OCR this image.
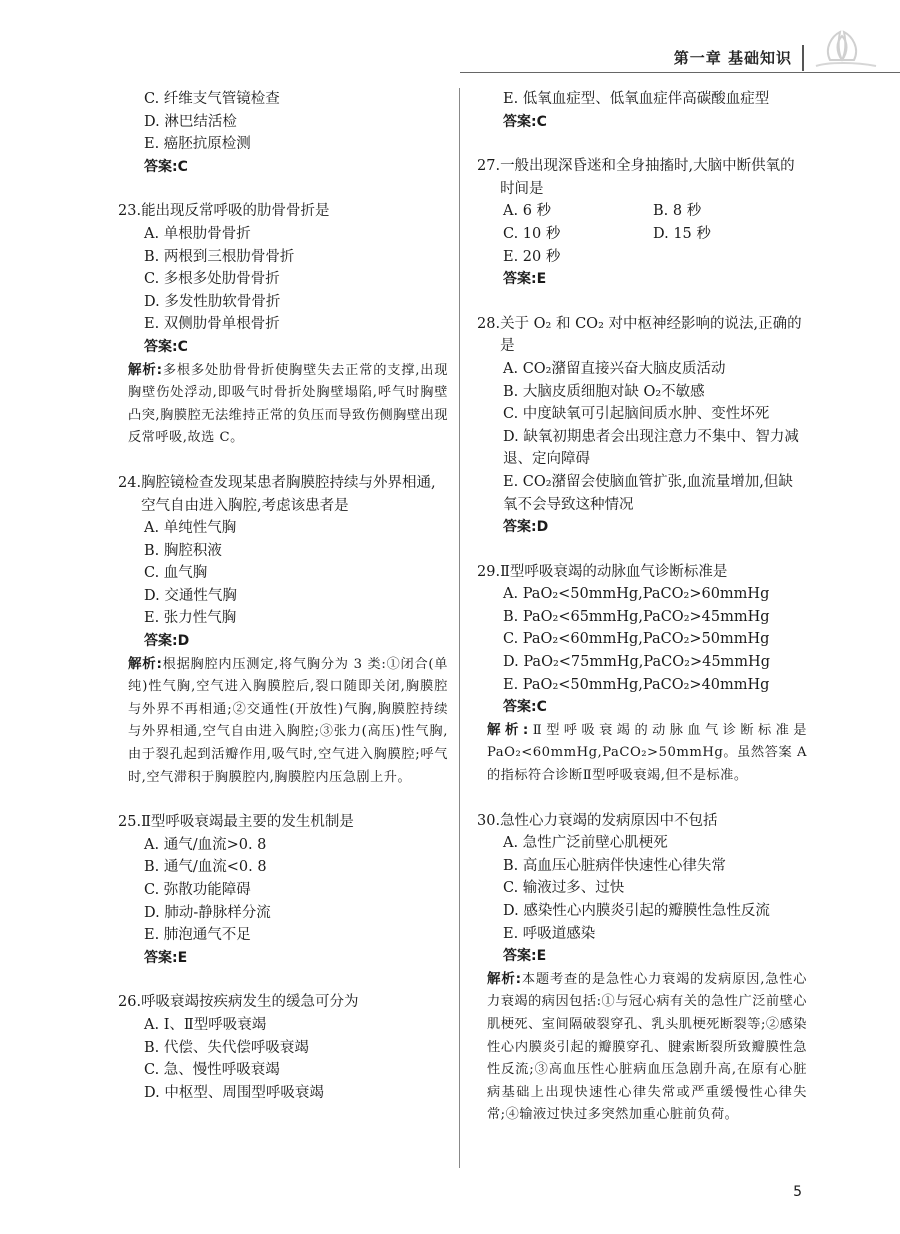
第一章 基础知识
C. 纤维支气管镜检查
D. 淋巴结活检
E. 癌胚抗原检测
答案:C
23. 能出现反常呼吸的肋骨骨折是
A. 单根肋骨骨折
B. 两根到三根肋骨骨折
C. 多根多处肋骨骨折
D. 多发性肋软骨骨折
E. 双侧肋骨单根骨折
答案:C
解析:多根多处肋骨骨折使胸壁失去正常的支撑,出现胸壁伤处浮动,即吸气时骨折处胸壁塌陷,呼气时胸壁凸突,胸膜腔无法维持正常的负压而导致伤侧胸壁出现反常呼吸,故选 C。
24. 胸腔镜检查发现某患者胸膜腔持续与外界相通,空气自由进入胸腔,考虑该患者是
A. 单纯性气胸
B. 胸腔积液
C. 血气胸
D. 交通性气胸
E. 张力性气胸
答案:D
解析:根据胸腔内压测定,将气胸分为 3 类:①闭合(单纯)性气胸,空气进入胸膜腔后,裂口随即关闭,胸膜腔与外界不再相通;②交通性(开放性)气胸,胸膜腔持续与外界相通,空气自由进入胸腔;③张力(高压)性气胸,由于裂孔起到活瓣作用,吸气时,空气进入胸膜腔;呼气时,空气滞积于胸膜腔内,胸膜腔内压急剧上升。
25. Ⅱ型呼吸衰竭最主要的发生机制是
A. 通气/血流>0. 8
B. 通气/血流<0. 8
C. 弥散功能障碍
D. 肺动-静脉样分流
E. 肺泡通气不足
答案:E
26. 呼吸衰竭按疾病发生的缓急可分为
A. Ⅰ、Ⅱ型呼吸衰竭
B. 代偿、失代偿呼吸衰竭
C. 急、慢性呼吸衰竭
D. 中枢型、周围型呼吸衰竭
E. 低氧血症型、低氧血症伴高碳酸血症型
答案:C
27. 一般出现深昏迷和全身抽搐时,大脑中断供氧的时间是
A. 6 秒	B. 8 秒
C. 10 秒	D. 15 秒
E. 20 秒
答案:E
28. 关于 O₂ 和 CO₂ 对中枢神经影响的说法,正确的是
A. CO₂潴留直接兴奋大脑皮质活动
B. 大脑皮质细胞对缺 O₂不敏感
C. 中度缺氧可引起脑间质水肿、变性坏死
D. 缺氧初期患者会出现注意力不集中、智力减退、定向障碍
E. CO₂潴留会使脑血管扩张,血流量增加,但缺氧不会导致这种情况
答案:D
29. Ⅱ型呼吸衰竭的动脉血气诊断标准是
A. PaO₂<50mmHg,PaCO₂>60mmHg
B. PaO₂<65mmHg,PaCO₂>45mmHg
C. PaO₂<60mmHg,PaCO₂>50mmHg
D. PaO₂<75mmHg,PaCO₂>45mmHg
E. PaO₂<50mmHg,PaCO₂>40mmHg
答案:C
解析:Ⅱ型呼吸衰竭的动脉血气诊断标准是 PaO₂<60mmHg,PaCO₂>50mmHg。虽然答案 A 的指标符合诊断Ⅱ型呼吸衰竭,但不是标准。
30. 急性心力衰竭的发病原因中不包括
A. 急性广泛前壁心肌梗死
B. 高血压心脏病伴快速性心律失常
C. 输液过多、过快
D. 感染性心内膜炎引起的瓣膜性急性反流
E. 呼吸道感染
答案:E
解析:本题考查的是急性心力衰竭的发病原因,急性心力衰竭的病因包括:①与冠心病有关的急性广泛前壁心肌梗死、室间隔破裂穿孔、乳头肌梗死断裂等;②感染性心内膜炎引起的瓣膜穿孔、腱索断裂所致瓣膜性急性反流;③高血压性心脏病血压急剧升高,在原有心脏病基础上出现快速性心律失常或严重缓慢性心律失常;④输液过快过多突然加重心脏前负荷。
5
